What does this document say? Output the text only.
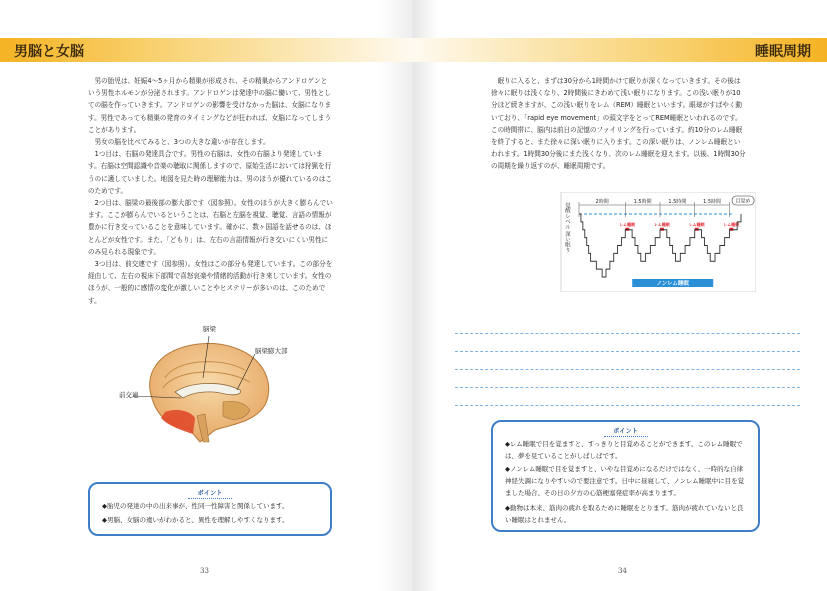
男脳と女脳

男の胎児は、妊娠4～5ヶ月から精巣が形成され、その精巣からアンドロゲンという男性ホルモンが分泌されます。アンドロゲンは発達中の脳に働いて、男性としての脳を作っていきます。アンドロゲンの影響を受けなかった脳は、女脳になります。男性であっても精巣の発育のタイミングなどが狂われば、女脳になってしまうことがあります。

男女の脳を比べてみると、3つの大きな違いが存在します。

1つ目は、右脳の発達具合です。男性の右脳は、女性の右脳より発達しています。右脳は空間認識や音楽の聴取に関係しますので、原始生活においては狩猟を行うのに適していました。地図を見た時の理解能力は、男のほうが優れているのはこのためです。

2つ目は、脳梁の最後部の膨大部です（図参照）。女性のほうが大きく膨らんでいます。ここが膨らんでいるということは、右脳と左脳を視覚、聴覚、言語の情報が豊かに行き交っていることを意味しています。確かに、数ヶ国語を話せるのは、ほとんどが女性です。また、「どもり」は、左右の言語情報が行き交いにくい男性にのみ見られる現象です。

3つ目は、前交連です（図参照）。女性はこの部分も発達しています。この部分を経由して、左右の視床下部間で喜怒哀楽や情緒的活動が行き来しています。女性のほうが、一般的に感情の変化が激しいことやヒステリーが多いのは、このためです。

脳梁
脳梁膨大部
前交連
ポイント
◆胎児の発達の中の出来事が、性同一性障害と関係しています。
◆男脳、女脳の違いがわかると、異性を理解しやすくなります。
33
睡眠周期

眠りに入ると、まずは30分から1時間かけて眠りが深くなっていきます。その後は徐々に眠りは浅くなり、2時間後にきわめて浅い眠りになります。この浅い眠りが10分ほど続きますが、この浅い眠りをレム（REM）睡眠といいます。眼球がすばやく動いており、「rapid eye movement」の頭文字をとってREM睡眠といわれるのです。この時間帯に、脳内は前日の記憶のファイリングを行っています。約10分のレム睡眠を終了すると、また徐々に深い眠りに入ります。この深い眠りは、ノンレム睡眠といわれます。1時間30分後にまた浅くなり、次のレム睡眠を迎えます。以後、1時間30分の周期を繰り返すのが、睡眠周期です。

覚醒レベル
深い眠り
2時間	1.5時間	1.5時間	1.5時間	目覚め
レム睡眠	レム睡眠	レム睡眠	レム睡眠
ノンレム睡眠
ポイント
◆レム睡眠で目を覚ますと、すっきりと目覚めることができます。このレム睡眠では、夢を見ていることがしばしばです。
◆ノンレム睡眠で目を覚ますと、いやな目覚めになるだけではなく、一時的な自律神経失調になりやすいので要注意です。日中に昼寝して、ノンレム睡眠中に目を覚ました場合、その日の夕方の心筋梗塞発症率が高まります。
◆動物は本来、筋肉の疲れを取るために睡眠をとります。筋肉が疲れていないと良い睡眠はとれません。
34
